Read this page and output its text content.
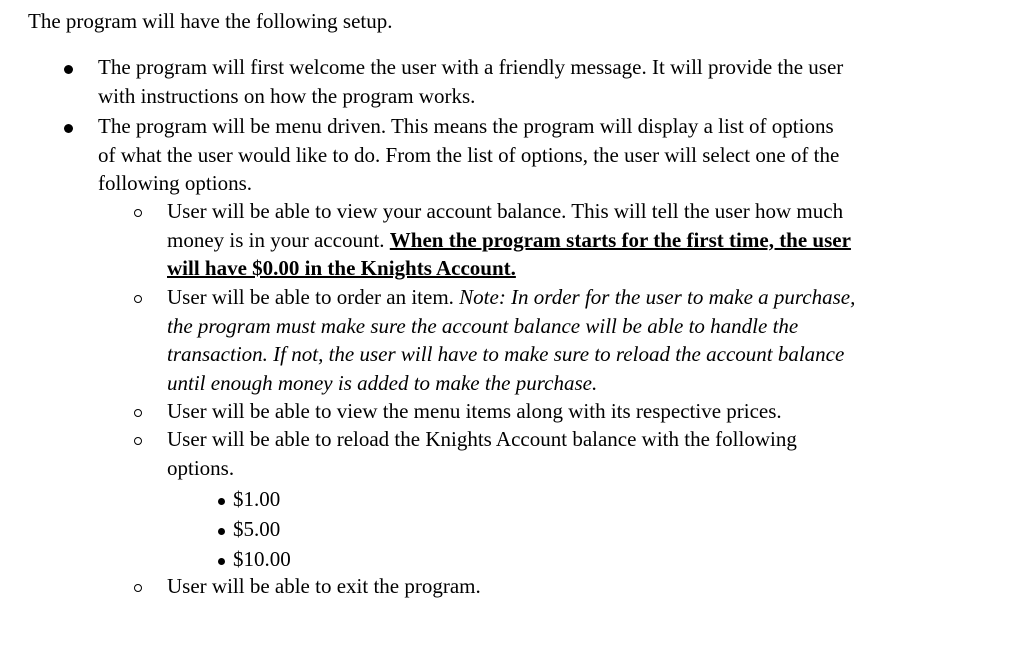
The program will have the following setup.

The program will first welcome the user with a friendly message. It will provide the user
with instructions on how the program works.
The program will be menu driven. This means the program will display a list of options
of what the user would like to do. From the list of options, the user will select one of the
following options.
User will be able to view your account balance. This will tell the user how much
money is in your account. When the program starts for the first time, the user
will have $0.00 in the Knights Account.
User will be able to order an item. Note: In order for the user to make a purchase,
the program must make sure the account balance will be able to handle the
transaction. If not, the user will have to make sure to reload the account balance
until enough money is added to make the purchase.
User will be able to view the menu items along with its respective prices.
User will be able to reload the Knights Account balance with the following
options.
$1.00
$5.00
$10.00
User will be able to exit the program.
